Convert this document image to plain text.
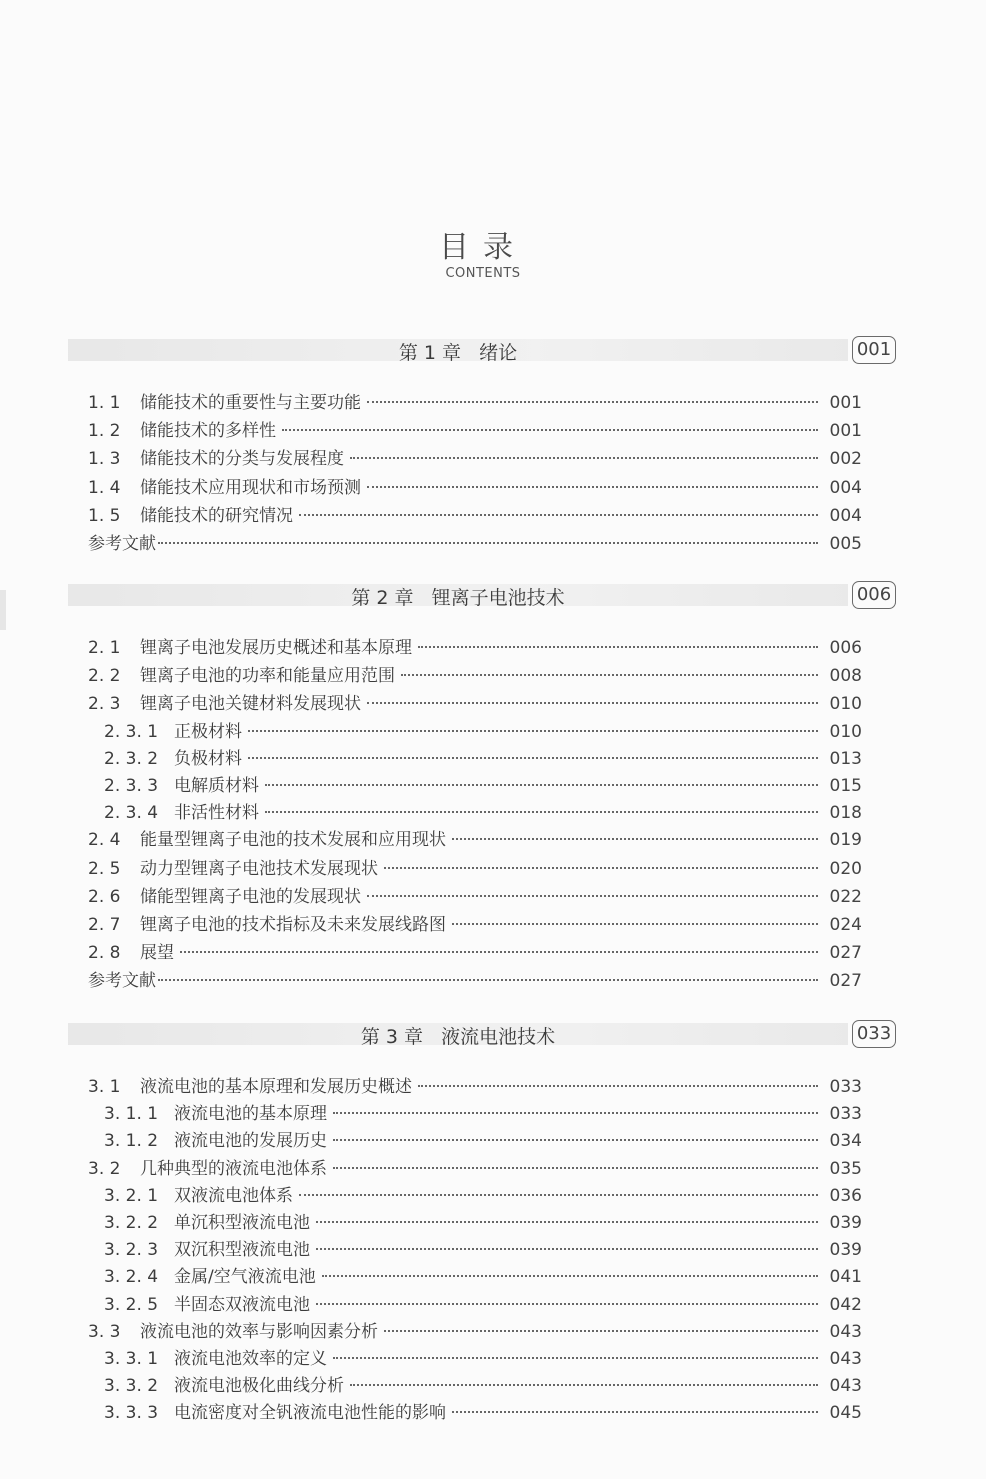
目录
CONTENTS
第 1 章 绪论	001
1. 1	储能技术的重要性与主要功能	001
1. 2	储能技术的多样性	001
1. 3	储能技术的分类与发展程度	002
1. 4	储能技术应用现状和市场预测	004
1. 5	储能技术的研究情况	004
参考文献	005
第 2 章 锂离子电池技术	006
2. 1	锂离子电池发展历史概述和基本原理	006
2. 2	锂离子电池的功率和能量应用范围	008
2. 3	锂离子电池关键材料发展现状	010
2. 3. 1 正极材料	010
2. 3. 2 负极材料	013
2. 3. 3 电解质材料	015
2. 3. 4 非活性材料	018
2. 4	能量型锂离子电池的技术发展和应用现状	019
2. 5	动力型锂离子电池技术发展现状	020
2. 6	储能型锂离子电池的发展现状	022
2. 7	锂离子电池的技术指标及未来发展线路图	024
2. 8	展望	027
参考文献	027
第 3 章 液流电池技术	033
3. 1	液流电池的基本原理和发展历史概述	033
3. 1. 1 液流电池的基本原理	033
3. 1. 2 液流电池的发展历史	034
3. 2	几种典型的液流电池体系	035
3. 2. 1 双液流电池体系	036
3. 2. 2 单沉积型液流电池	039
3. 2. 3 双沉积型液流电池	039
3. 2. 4 金属/空气液流电池	041
3. 2. 5 半固态双液流电池	042
3. 3	液流电池的效率与影响因素分析	043
3. 3. 1 液流电池效率的定义	043
3. 3. 2 液流电池极化曲线分析	043
3. 3. 3 电流密度对全钒液流电池性能的影响	045
